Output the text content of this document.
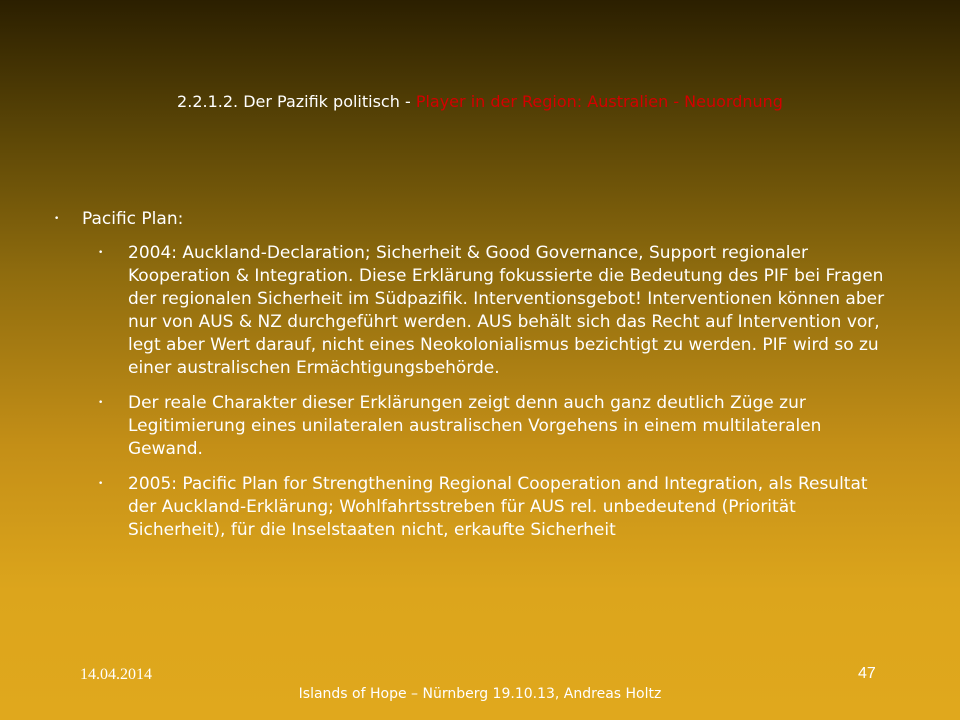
2.2.1.2. Der Pazifik politisch - Player in der Region: Australien - Neuordnung
•	Pacific Plan:
•	2004: Auckland-Declaration; Sicherheit & Good Governance, Support regionaler Kooperation & Integration. Diese Erklärung fokussierte die Bedeutung des PIF bei Fragen der regionalen Sicherheit im Südpazifik. Interventionsgebot! Interventionen können aber nur von AUS & NZ durchgeführt werden. AUS behält sich das Recht auf Intervention vor, legt aber Wert darauf, nicht eines Neokolonialismus bezichtigt zu werden. PIF wird so zu einer australischen Ermächtigungsbehörde.
•	Der reale Charakter dieser Erklärungen zeigt denn auch ganz deutlich Züge zur Legitimierung eines unilateralen australischen Vorgehens in einem multilateralen Gewand.
•	2005: Pacific Plan for Strengthening Regional Cooperation and Integration, als Resultat der Auckland-Erklärung; Wohlfahrtsstreben für AUS rel. unbedeutend (Priorität Sicherheit), für die Inselstaaten nicht, erkaufte Sicherheit
14.04.2014	47
Islands of Hope – Nürnberg 19.10.13, Andreas Holtz
